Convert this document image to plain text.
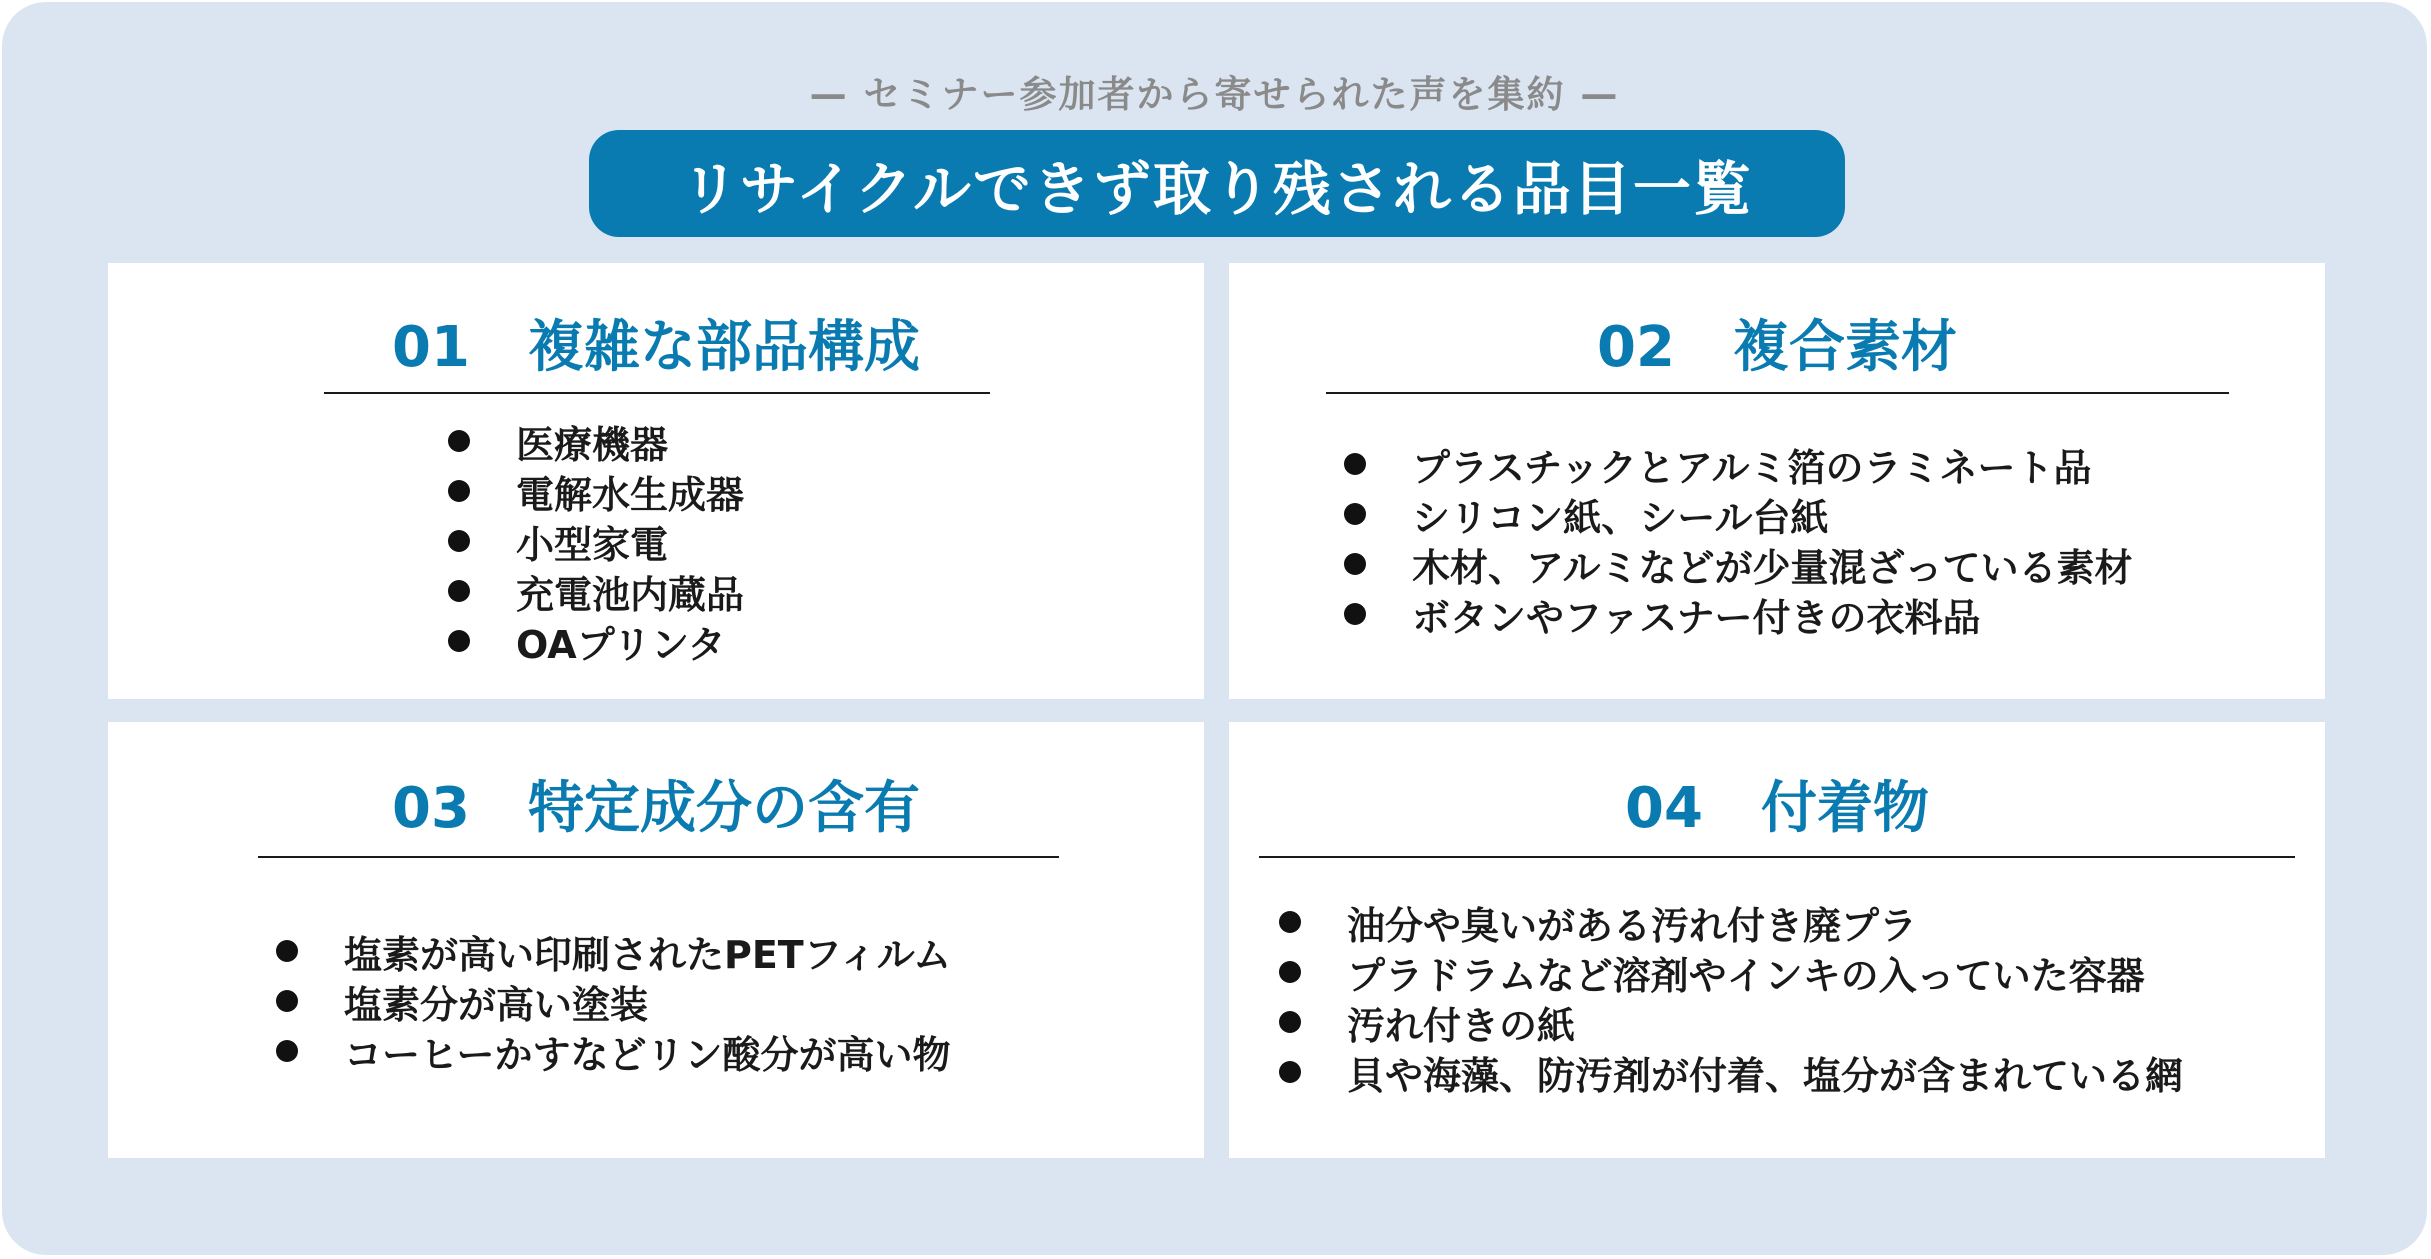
— セミナー参加者から寄せられた声を集約 —
リサイクルできず取り残される品目一覧
01 複雑な部品構成
医療機器
電解水生成器
小型家電
充電池内蔵品
OAプリンタ
02 複合素材
プラスチックとアルミ箔のラミネート品
シリコン紙、シール台紙
木材、アルミなどが少量混ざっている素材
ボタンやファスナー付きの衣料品
03 特定成分の含有
塩素が高い印刷されたPETフィルム
塩素分が高い塗装
コーヒーかすなどリン酸分が高い物
04 付着物
油分や臭いがある汚れ付き廃プラ
プラドラムなど溶剤やインキの入っていた容器
汚れ付きの紙
貝や海藻、防汚剤が付着、塩分が含まれている網
